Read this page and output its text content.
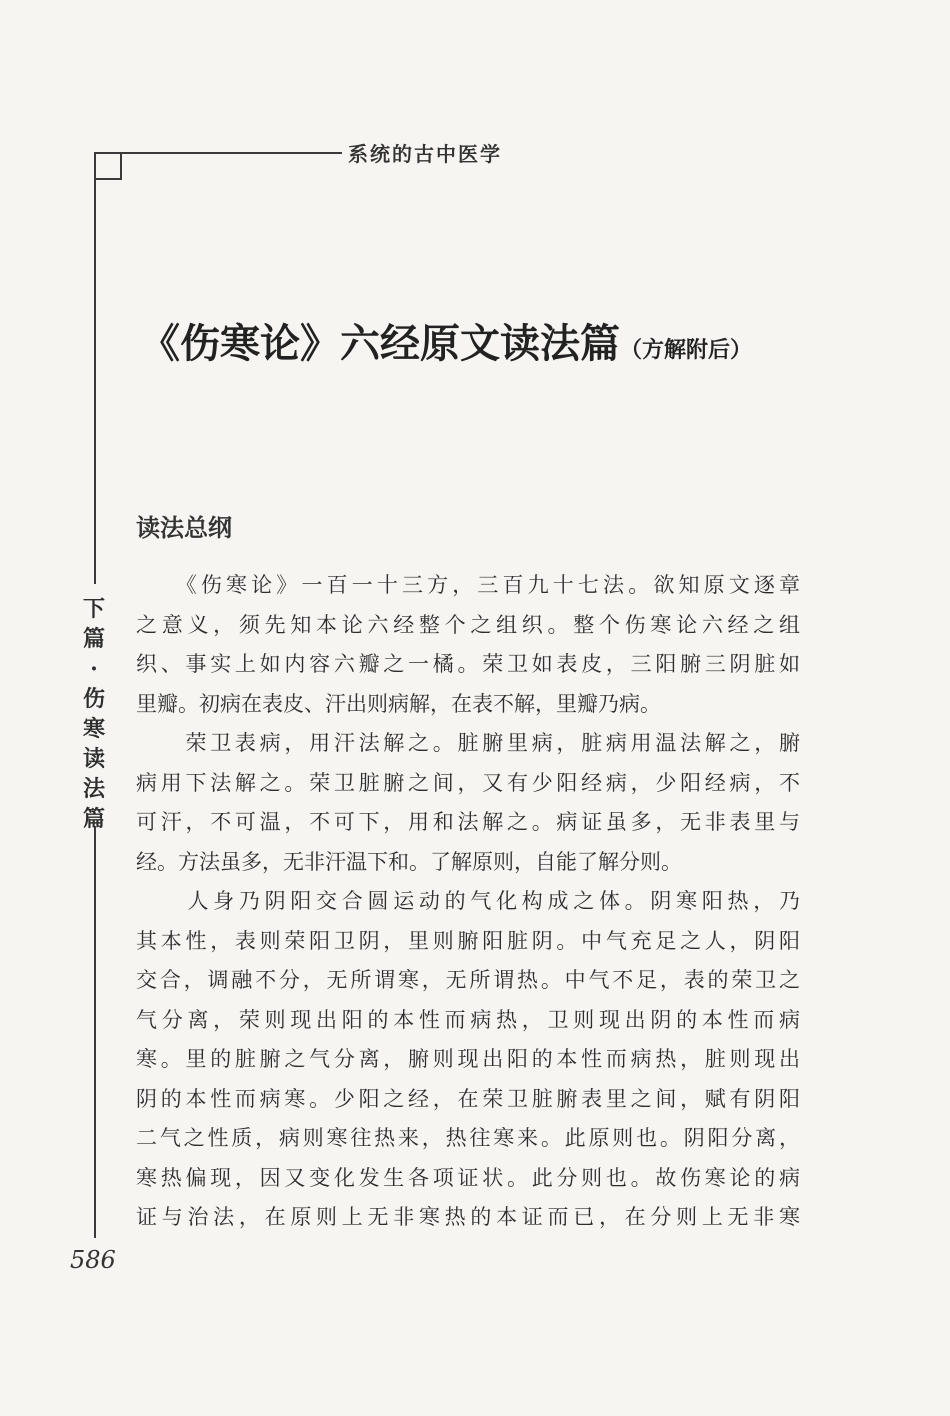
系统的古中医学
下
篇
·
伤
寒
读
法
篇
《伤寒论》六经原文读法篇（方解附后）
读法总纲
　　《伤寒论》一百一十三方，三百九十七法。欲知原文逐章
之意义，须先知本论六经整个之组织。整个伤寒论六经之组
织、事实上如内容六瓣之一橘。荣卫如表皮，三阳腑三阴脏如
里瓣。初病在表皮、汗出则病解，在表不解，里瓣乃病。
　　荣卫表病，用汗法解之。脏腑里病，脏病用温法解之，腑
病用下法解之。荣卫脏腑之间，又有少阳经病，少阳经病，不
可汗，不可温，不可下，用和法解之。病证虽多，无非表里与
经。方法虽多，无非汗温下和。了解原则，自能了解分则。
　　人身乃阴阳交合圆运动的气化构成之体。阴寒阳热，乃
其本性，表则荣阳卫阴，里则腑阳脏阴。中气充足之人，阴阳
交合，调融不分，无所谓寒，无所谓热。中气不足，表的荣卫之
气分离，荣则现出阳的本性而病热，卫则现出阴的本性而病
寒。里的脏腑之气分离，腑则现出阳的本性而病热，脏则现出
阴的本性而病寒。少阳之经，在荣卫脏腑表里之间，赋有阴阳
二气之性质，病则寒往热来，热往寒来。此原则也。阴阳分离，
寒热偏现，因又变化发生各项证状。此分则也。故伤寒论的病
证与治法，在原则上无非寒热的本证而已，在分则上无非寒
586
